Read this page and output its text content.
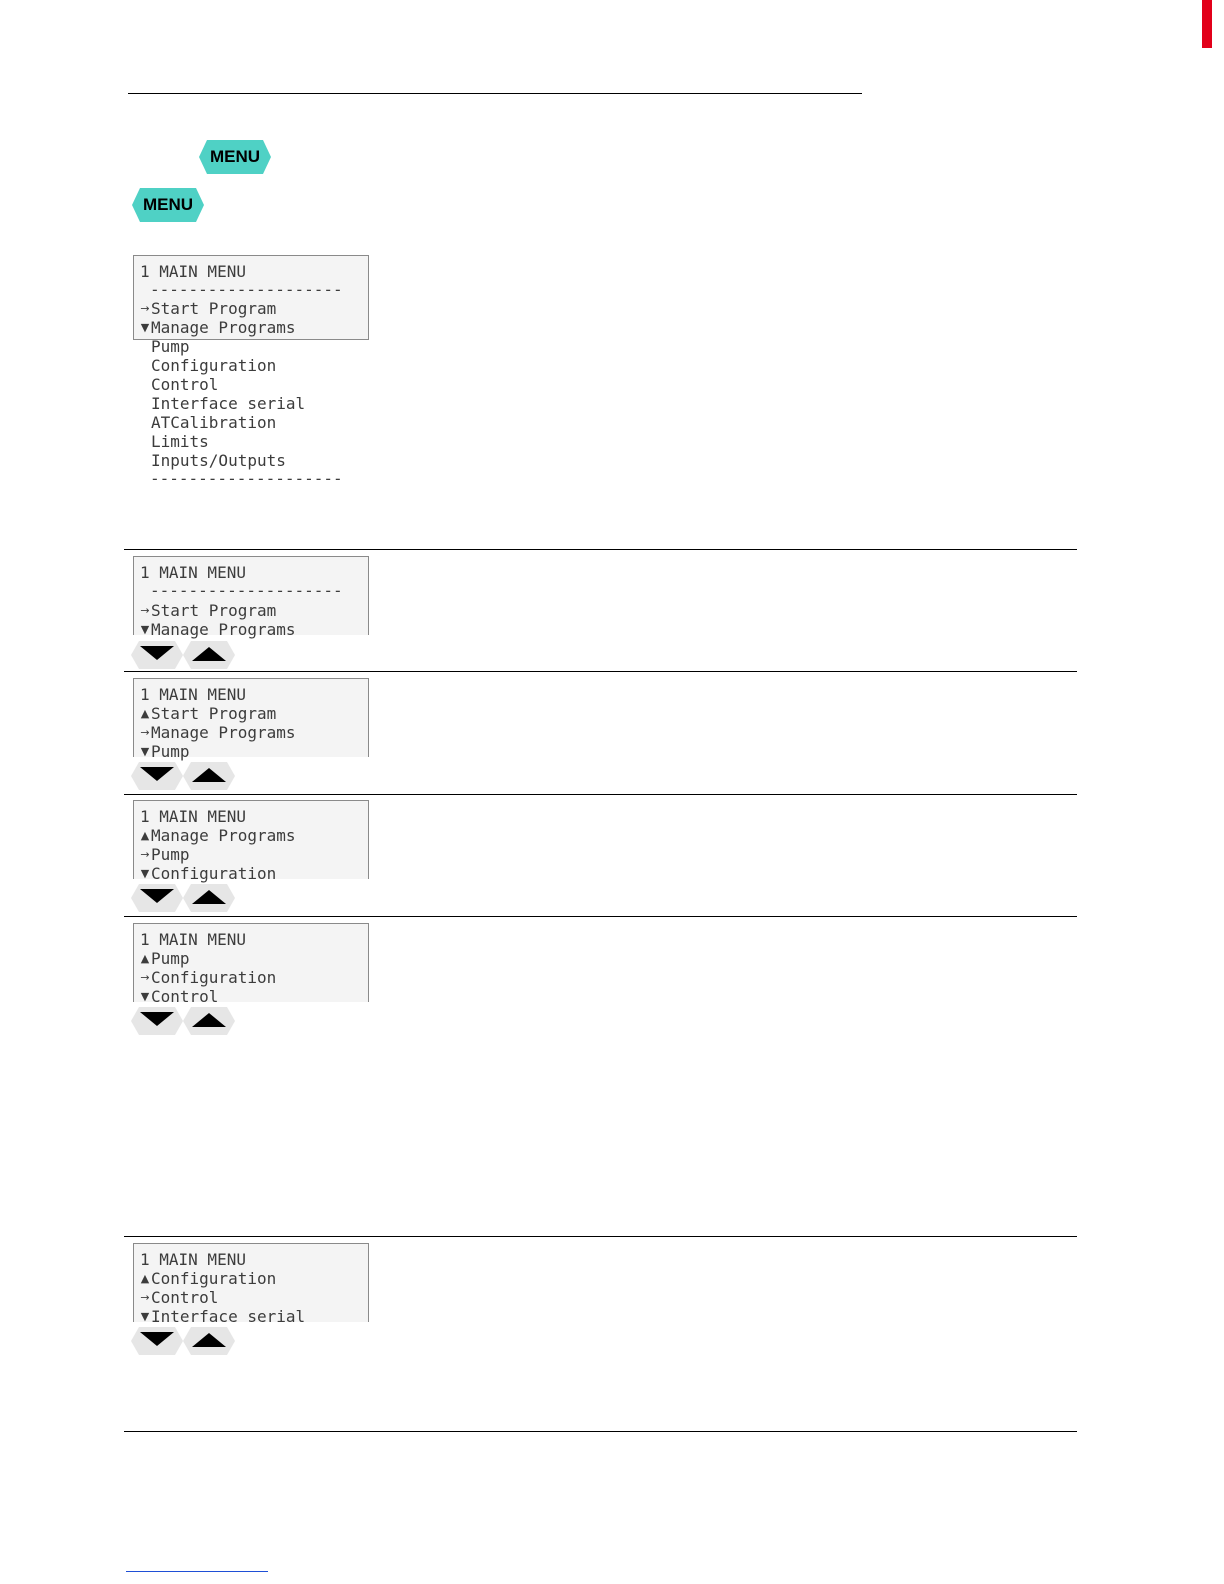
MENU
MENU
1 MAIN MENU
--------------------
→ Start Program
▼ Manage Programs
Pump
Configuration
Control
Interface serial
ATCalibration
Limits
Inputs/Outputs
--------------------
1 MAIN MENU
--------------------
→ Start Program
▼ Manage Programs
1 MAIN MENU
▲ Start Program
→ Manage Programs
▼ Pump
1 MAIN MENU
▲ Manage Programs
→ Pump
▼ Configuration
1 MAIN MENU
▲ Pump
→ Configuration
▼ Control
1 MAIN MENU
▲ Configuration
→ Control
▼ Interface serial
